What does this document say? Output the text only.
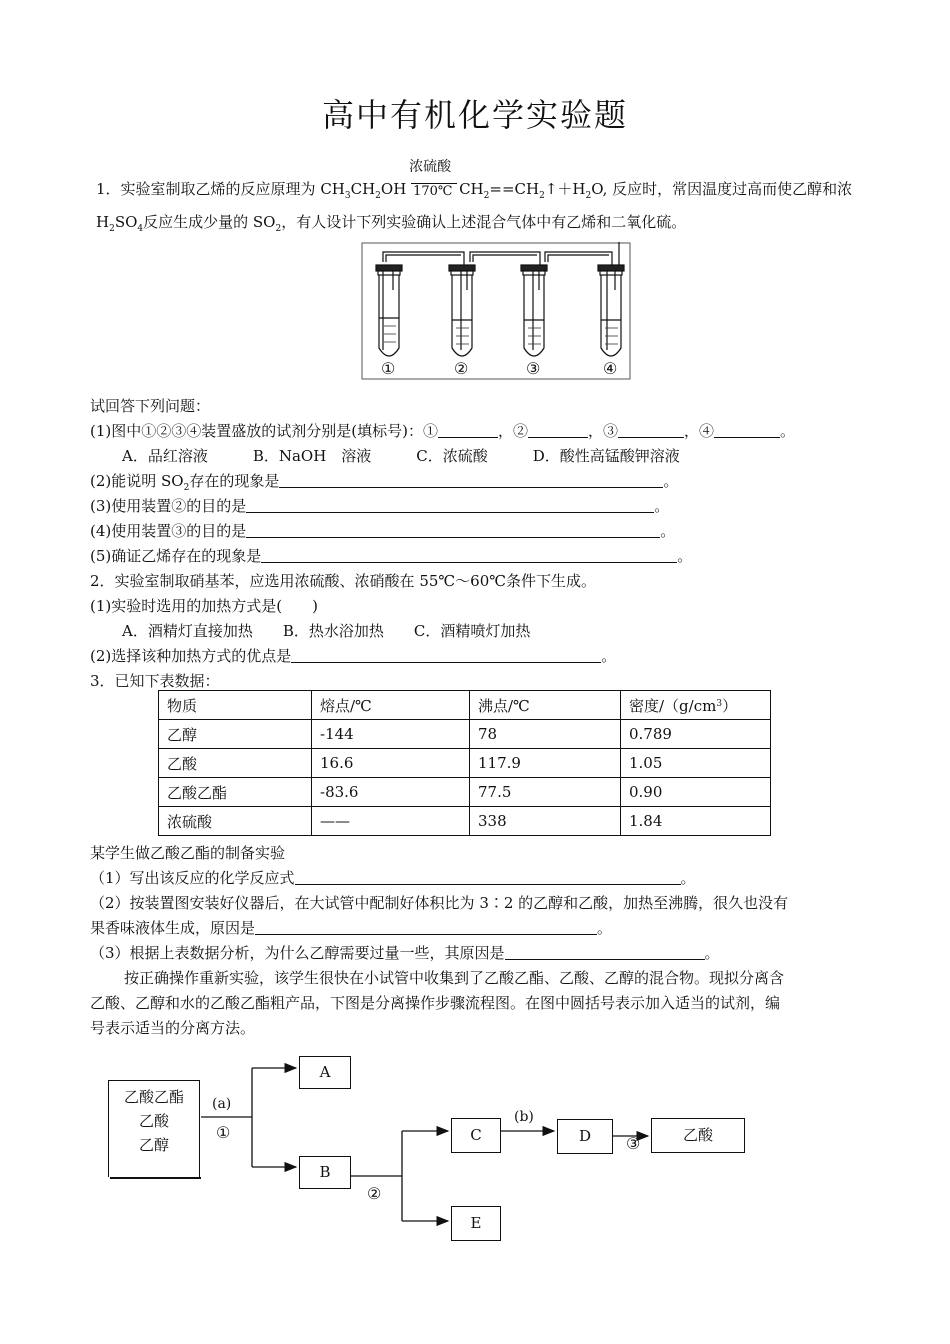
高中有机化学实验题
1．实验室制取乙烯的反应原理为 $CH_3CH_2OH$
浓硫酸
170℃ $CH_2==CH_2↑+H_2O$, 反应时，常因温度过高而使乙醇和浓
$H_2SO_4$反应生成少量的 $SO_2$，有人设计下列实验确认上述混合气体中有乙烯和二氧化硫。
①	②	③	④
试回答下列问题：
(1)图中①②③④装置盛放的试剂分别是(填标号)：①	，②	，③	，④	。
A．品红溶液　　　B．NaOH　溶液　　　C．浓硫酸　　　D．酸性高锰酸钾溶液
(2)能说明 $SO_2$存在的现象是	。
(3)使用装置②的目的是	。
(4)使用装置③的目的是	。
(5)确证乙烯存在的现象是	。
2．实验室制取硝基苯，应选用浓硫酸、浓硝酸在 55℃～60℃条件下生成。
(1)实验时选用的加热方式是(　　)
A．酒精灯直接加热　　B．热水浴加热　　C．酒精喷灯加热
(2)选择该种加热方式的优点是	。
3．已知下表数据：
物质	熔点/℃	沸点/℃	密度$/(g/cm^3)$
乙醇	-144	78	0.789
乙酸	16.6	117.9	1.05
乙酸乙酯	-83.6	77.5	0.90
浓硫酸	——	338	1.84
某学生做乙酸乙酯的制备实验
（1）写出该反应的化学反应式	。
（2）按装置图安装好仪器后，在大试管中配制好体积比为 3∶2 的乙醇和乙酸，加热至沸腾，很久也没有
果香味液体生成，原因是	。
（3）根据上表数据分析，为什么乙醇需要过量一些，其原因是	。
按正确操作重新实验，该学生很快在小试管中收集到了乙酸乙酯、乙酸、乙醇的混合物。现拟分离含
乙酸、乙醇和水的乙酸乙酯粗产品，下图是分离操作步骤流程图。在图中圆括号表示加入适当的试剂，编
号表示适当的分离方法。
乙酸乙酯
乙酸
乙醇
(a)
①
A
B
②
C
(b)
D	③	乙酸
E
